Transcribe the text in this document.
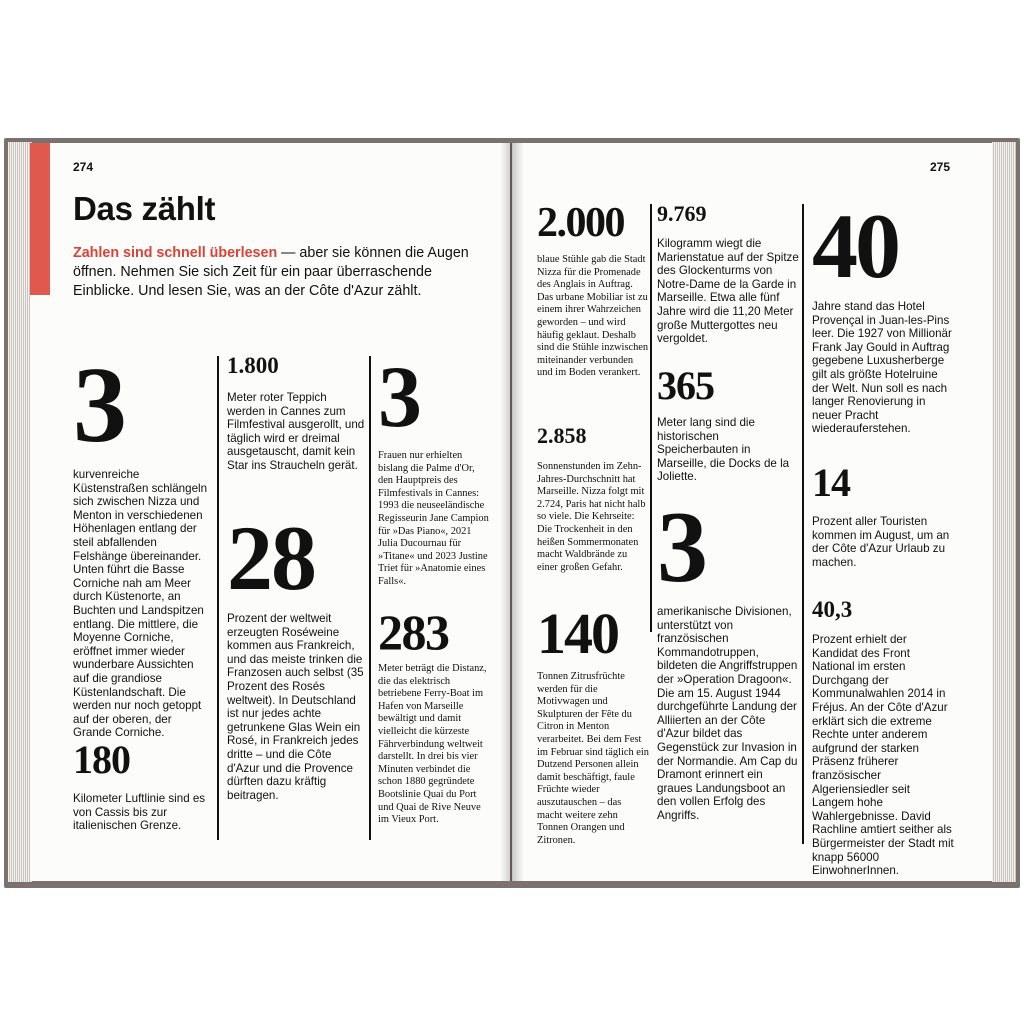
274
Das zählt
Zahlen sind schnell überlesen — aber sie können die Augen öffnen. Nehmen Sie sich Zeit für ein paar überraschende Einblicke. Und lesen Sie, was an der Côte d'Azur zählt.
3
kurvenreiche Küstenstraßen schlängeln sich zwischen Nizza und Menton in verschiedenen Höhenlagen entlang der steil abfallenden Felshänge übereinander. Unten führt die Basse Corniche nah am Meer durch Küstenorte, an Buchten und Landspitzen entlang. Die mittlere, die Moyenne Corniche, eröffnet immer wieder wunderbare Aussichten auf die grandiose Küstenlandschaft. Die werden nur noch getoppt auf der oberen, der Grande Corniche.
180
Kilometer Luftlinie sind es von Cassis bis zur italienischen Grenze.
1.800
Meter roter Teppich werden in Cannes zum Filmfestival ausgerollt, und täglich wird er dreimal ausgetauscht, damit kein Star ins Straucheln gerät.
28
Prozent der weltweit erzeugten Roséweine kommen aus Frankreich, und das meiste trinken die Franzosen auch selbst (35 Prozent des Rosés weltweit). In Deutschland ist nur jedes achte getrunkene Glas Wein ein Rosé, in Frankreich jedes dritte – und die Côte d'Azur und die Provence dürften dazu kräftig beitragen.
3
Frauen nur erhielten bislang die Palme d'Or, den Hauptpreis des Filmfestivals in Cannes: 1993 die neuseeländische Regisseurin Jane Campion für »Das Piano«, 2021 Julia Ducournau für »Titane« und 2023 Justine Triet für »Anatomie eines Falls«.
283
Meter beträgt die Distanz, die das elektrisch betriebene Ferry-Boat im Hafen von Marseille bewältigt und damit vielleicht die kürzeste Fährverbindung weltweit darstellt. In drei bis vier Minuten verbindet die schon 1880 gegründete Bootslinie Quai du Port und Quai de Rive Neuve im Vieux Port.
275
2.000
blaue Stühle gab die Stadt Nizza für die Promenade des Anglais in Auftrag. Das urbane Mobiliar ist zu einem ihrer Wahrzeichen geworden – und wird häufig geklaut. Deshalb sind die Stühle inzwischen miteinander verbunden und im Boden verankert.
2.858
Sonnenstunden im Zehn-Jahres-Durchschnitt hat Marseille. Nizza folgt mit 2.724, Paris hat nicht halb so viele. Die Kehrseite: Die Trockenheit in den heißen Sommermonaten macht Waldbrände zu einer großen Gefahr.
140
Tonnen Zitrusfrüchte werden für die Motivwagen und Skulpturen der Fête du Citron in Menton verarbeitet. Bei dem Fest im Februar sind täglich ein Dutzend Personen allein damit beschäftigt, faule Früchte wieder auszutauschen – das macht weitere zehn Tonnen Orangen und Zitronen.
9.769
Kilogramm wiegt die Marienstatue auf der Spitze des Glockenturms von Notre-Dame de la Garde in Marseille. Etwa alle fünf Jahre wird die 11,20 Meter große Muttergottes neu vergoldet.
365
Meter lang sind die historischen Speicherbauten in Marseille, die Docks de la Joliette.
3
amerikanische Divisionen, unterstützt von französischen Kommandotruppen, bildeten die Angriffstruppen der »Operation Dragoon«. Die am 15. August 1944 durchgeführte Landung der Alliierten an der Côte d'Azur bildet das Gegenstück zur Invasion in der Normandie. Am Cap du Dramont erinnert ein graues Landungsboot an den vollen Erfolg des Angriffs.
40
Jahre stand das Hotel Provençal in Juan-les-Pins leer. Die 1927 von Millionär Frank Jay Gould in Auftrag gegebene Luxusherberge gilt als größte Hotelruine der Welt. Nun soll es nach langer Renovierung in neuer Pracht wiederauferstehen.
14
Prozent aller Touristen kommen im August, um an der Côte d'Azur Urlaub zu machen.
40,3
Prozent erhielt der Kandidat des Front National im ersten Durchgang der Kommunalwahlen 2014 in Fréjus. An der Côte d'Azur erklärt sich die extreme Rechte unter anderem aufgrund der starken Präsenz früherer französischer Algeriensiedler seit Langem hohe Wahlergebnisse. David Rachline amtiert seither als Bürgermeister der Stadt mit knapp 56000 EinwohnerInnen.
